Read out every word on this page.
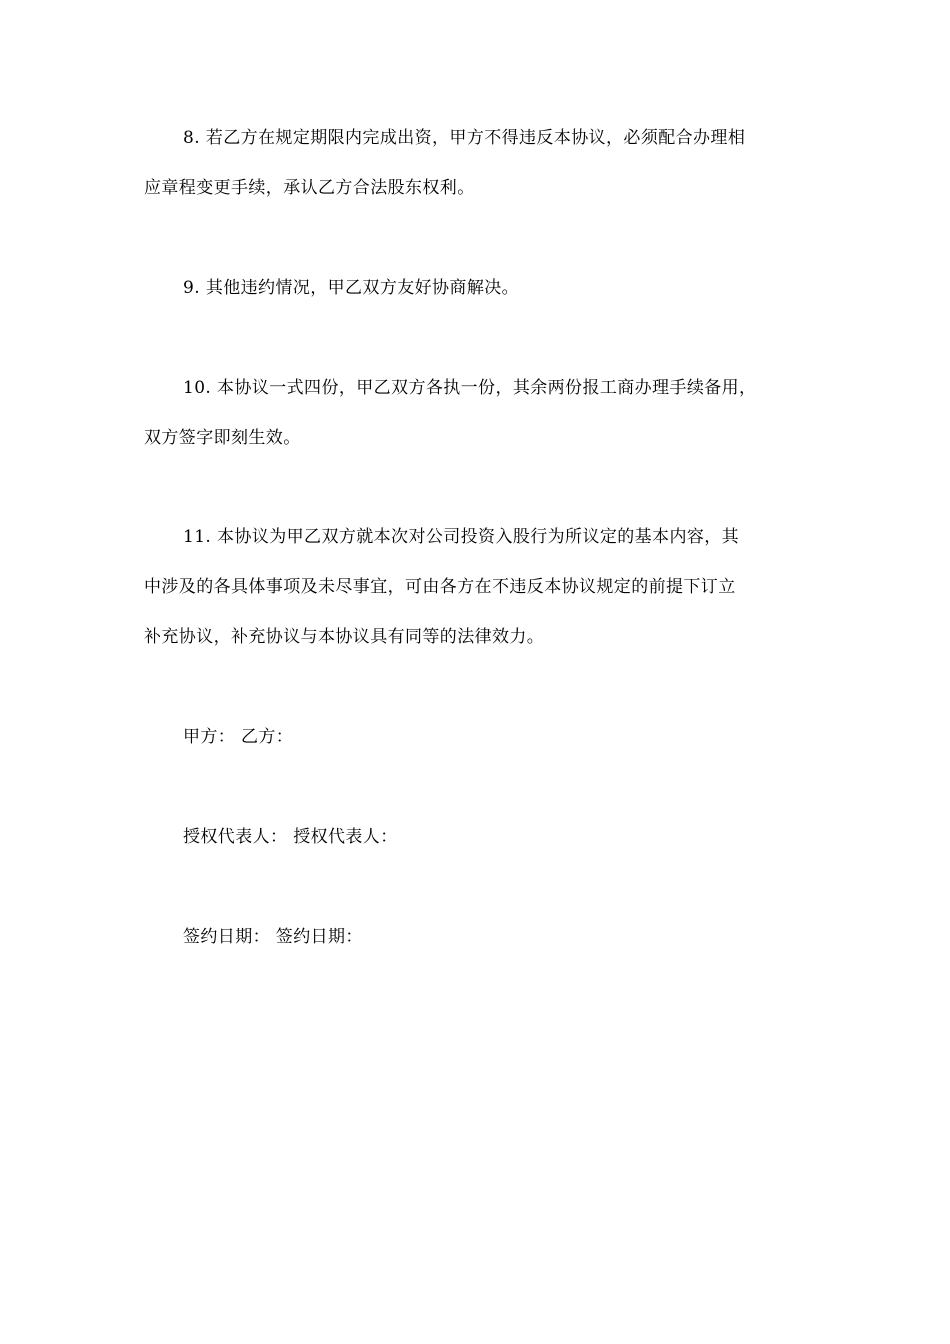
8. 若乙方在规定期限内完成出资，甲方不得违反本协议，必须配合办理相
应章程变更手续，承认乙方合法股东权利。
9. 其他违约情况，甲乙双方友好协商解决。
10. 本协议一式四份，甲乙双方各执一份，其余两份报工商办理手续备用，
双方签字即刻生效。
11. 本协议为甲乙双方就本次对公司投资入股行为所议定的基本内容，其
中涉及的各具体事项及未尽事宜，可由各方在不违反本协议规定的前提下订立
补充协议，补充协议与本协议具有同等的法律效力。
甲方： 乙方：
授权代表人： 授权代表人：
签约日期： 签约日期：
